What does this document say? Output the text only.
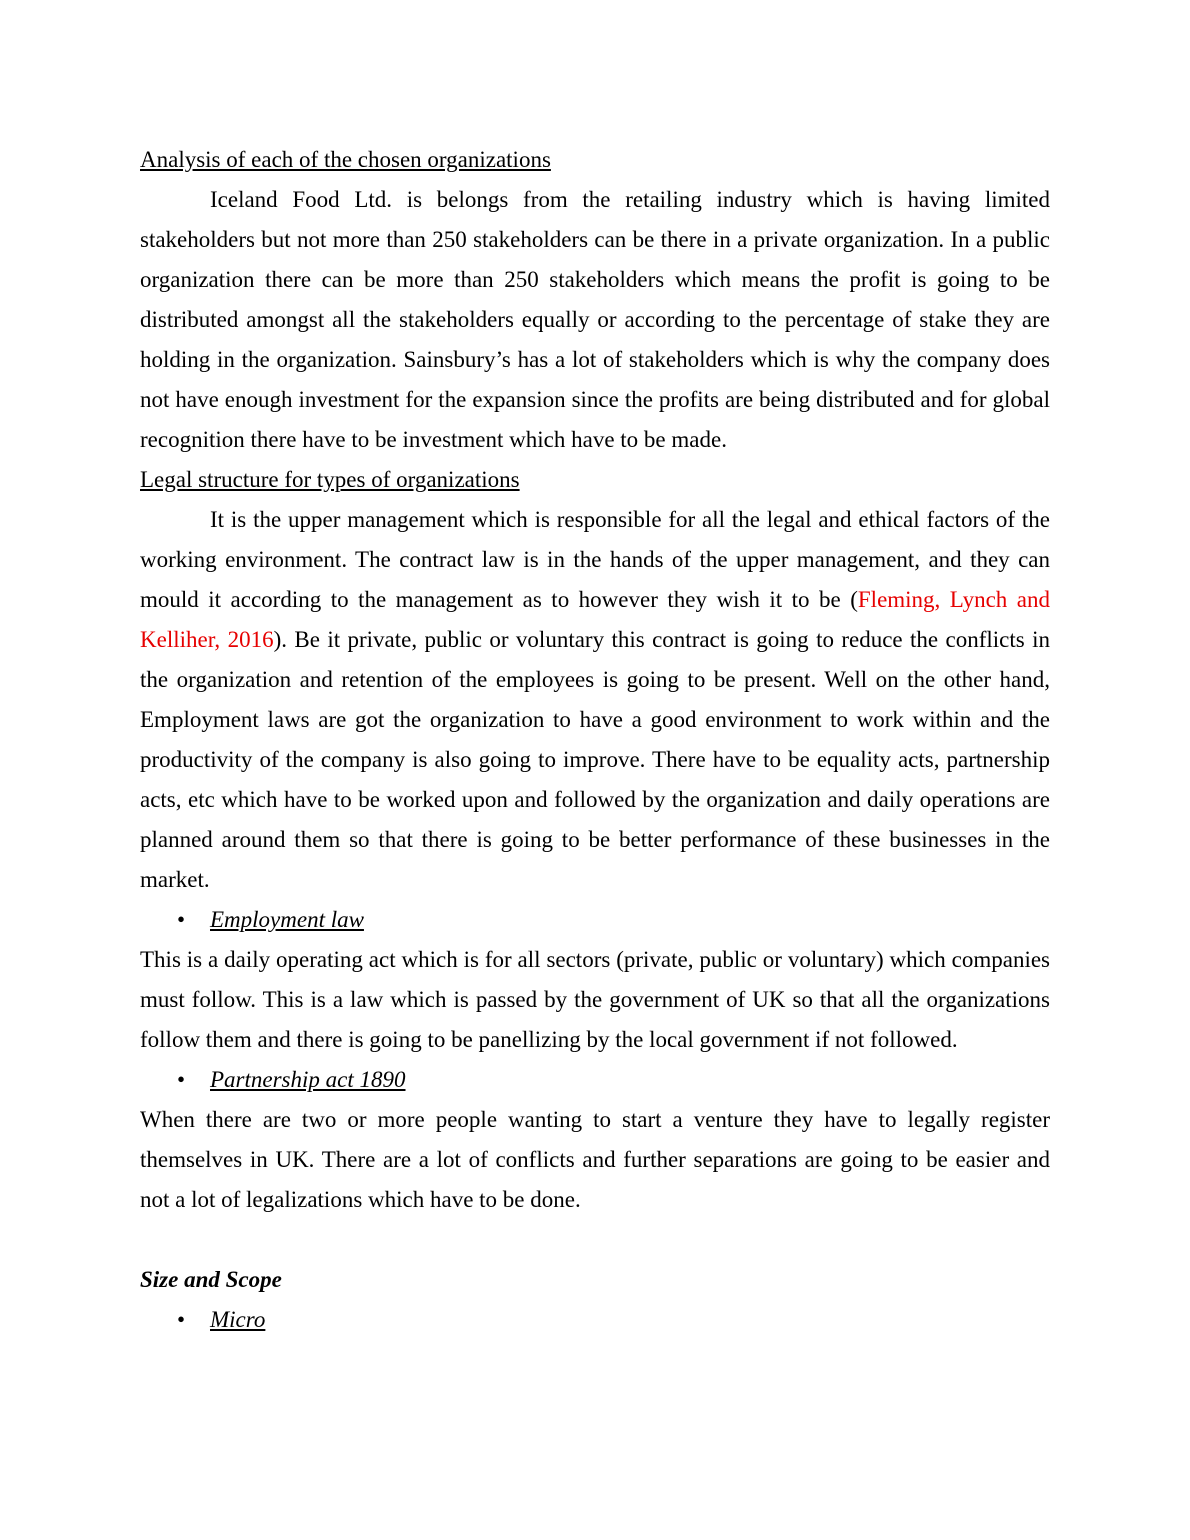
Analysis of each of the chosen organizations

Iceland Food Ltd. is belongs from the retailing industry which is having limited stakeholders but not more than 250 stakeholders can be there in a private organization. In a public organization there can be more than 250 stakeholders which means the profit is going to be distributed amongst all the stakeholders equally or according to the percentage of stake they are holding in the organization. Sainsbury’s has a lot of stakeholders which is why the company does not have enough investment for the expansion since the profits are being distributed and for global recognition there have to be investment which have to be made.

Legal structure for types of organizations

It is the upper management which is responsible for all the legal and ethical factors of the working environment. The contract law is in the hands of the upper management, and they can mould it according to the management as to however they wish it to be (Fleming, Lynch and Kelliher, 2016). Be it private, public or voluntary this contract is going to reduce the conflicts in the organization and retention of the employees is going to be present. Well on the other hand, Employment laws are got the organization to have a good environment to work within and the productivity of the company is also going to improve. There have to be equality acts, partnership acts, etc which have to be worked upon and followed by the organization and daily operations are planned around them so that there is going to be better performance of these businesses in the market.

• Employment law

This is a daily operating act which is for all sectors (private, public or voluntary) which companies must follow. This is a law which is passed by the government of UK so that all the organizations follow them and there is going to be panellizing by the local government if not followed.

• Partnership act 1890

When there are two or more people wanting to start a venture they have to legally register themselves in UK. There are a lot of conflicts and further separations are going to be easier and not a lot of legalizations which have to be done.

Size and Scope
• Micro
